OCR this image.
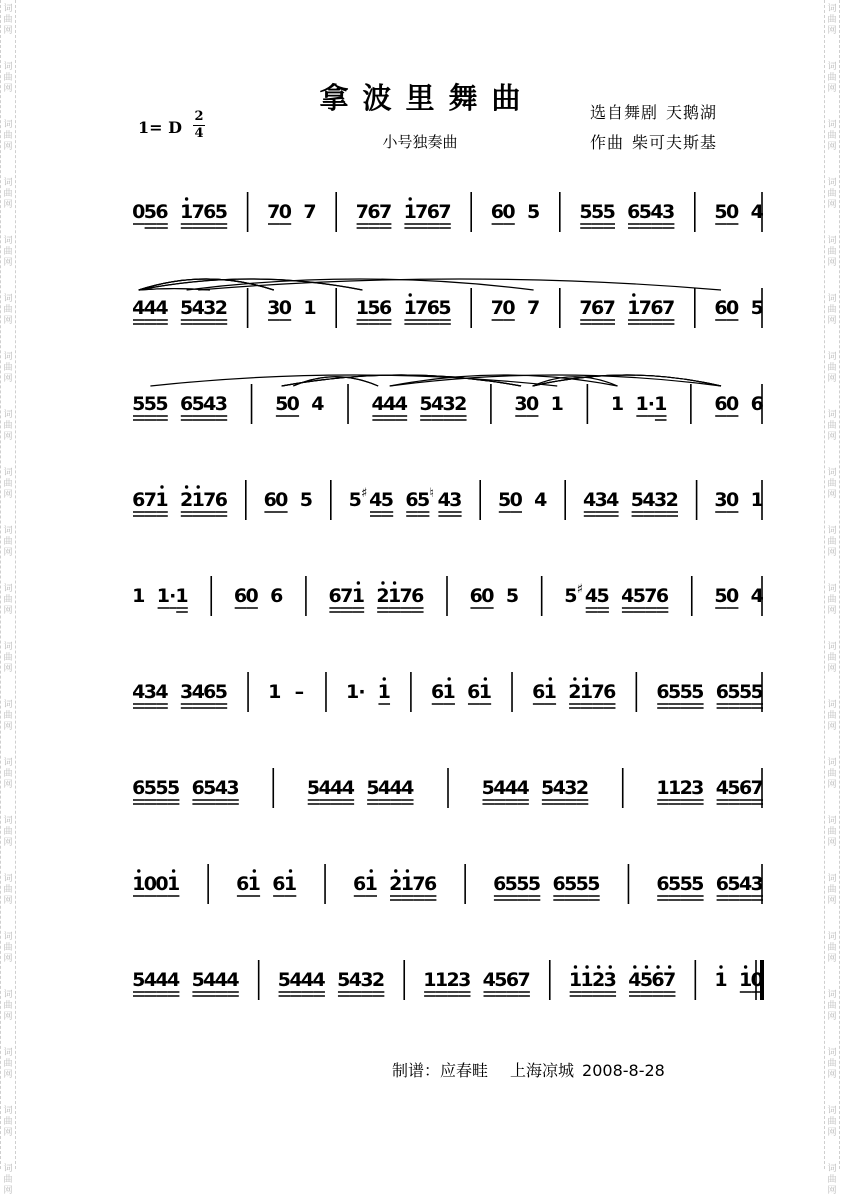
词
曲
网
词
曲
网
词
曲
网
词
曲
网
词
曲
网
词
曲
网
词
曲
网
词
曲
网
词
曲
网
词
曲
网
词
曲
网
词
曲
网
词
曲
网
词
曲
网
词
曲
网
词
曲
网
词
曲
网
词
曲
网
词
曲
网
词
曲
网
词
曲
网
词
曲
网
词
曲
网
词
曲
网
词
曲
网
词
曲
网
词
曲
网
词
曲
网
词
曲
网
词
曲
网
词
曲
网
词
曲
网
词
曲
网
词
曲
网
词
曲
网
词
曲
网
词
曲
网
词
曲
网
词
曲
网
词
曲
网
词
曲
网
词
曲
网
拿波里舞曲
小号独奏曲
1= D $\frac{2}{4}$	选自舞剧 天鹅湖
作曲 柴可夫斯基
0
5
6 1
7
6
5 7
0 7 7
6
7 1
7
6
7 6
0 5 5
5
5 6
5
4
3 5
0 4
4
4
4 5
4
3
2 3
0 1 1
5
6 1
7
6
5 7
0 7 7
6
7 1
7
6
7 6
0 5
5
5
5 6
5
4
3 5
0 4 4
4
4 5
4
3
2 3
0 1 1 1 · 1 6
0 6
6
7
1 2
1
7
6 6
0 5 5 ♯ 4
5 6
5 ♮ 4
3 5
0 4 4
3
4 5
4
3
2 3
0 1
1 1 · 1 6
0 6 6
7
1 2
1
7
6 6
0 5 5 ♯ 4
5 4
5
7
6 5
0 4
4
3
4 3
4
6
5 1 – 1 · 1 6
1 6
1 6
1 2
1
7
6 6
5
5
5 6
5
5
5
6
5
5
5 6
5
4
3	5
4
4
4 5
4
4
4	5
4
4
4 5
4
3
2	1
1
2
3 4
5
6
7
1
0
0
1	6
1 6
1	6
1 2
1
7
6	6
5
5
5 6
5
5
5	6
5
5
5 6
5
4
3
5
4
4
4 5
4
4
4 5
4
4
4 5
4
3
2 1
1
2
3 4
5
6
7 1
1
2
3 4
5
6
7 1 1
0
制谱：应春畦 上海凉城 2008-8-28
